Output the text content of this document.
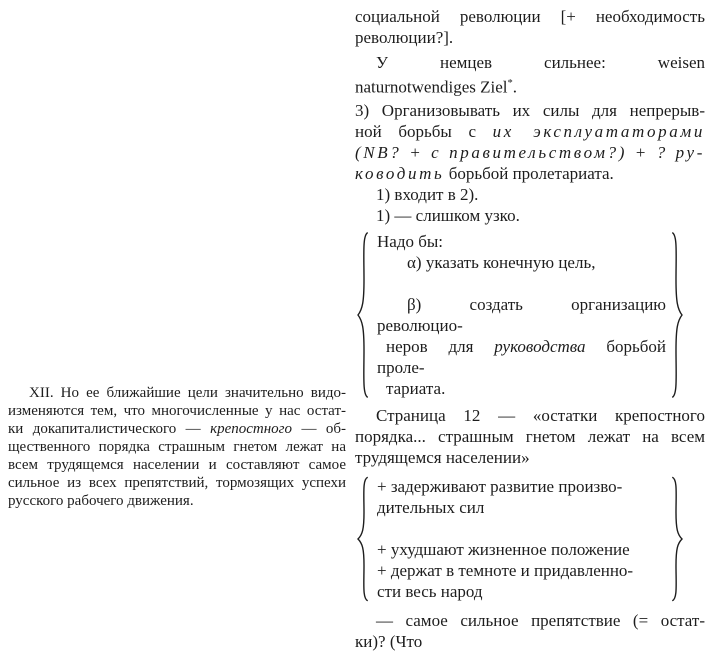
XII. Но ее ближайшие цели значительно видо-
изменяются тем, что многочисленные у нас остат-
ки докапиталистического — крепостного — об-
щественного порядка страшным гнетом лежат на
всем трудящемся населении и составляют самое
сильное из всех препятствий, тормозящих успехи
русского рабочего движения.
социальной революции [+ необходимость
революции?].
У немцев сильнее: weisen
naturnotwendiges Ziel*.
3) Организовывать их силы для непрерыв-
ной борьбы с их эксплуататорами
(NB? + с правительством?) + ? ру-
ководить борьбой пролетариата.
1) входит в 2).
1) — слишком узко.
Надо бы:
α) указать конечную цель,

β) создать организацию революцио-
неров для руководства борьбой проле-
тариата.
Страница 12 — «остатки крепостного
порядка... страшным гнетом лежат на всем
трудящемся населении»
+ задерживают развитие произво-
дительных сил

+ ухудшают жизненное положение
+ держат в темноте и придавленно-
сти весь народ
— самое сильное препятствие (= остат-
ки)? (Что
